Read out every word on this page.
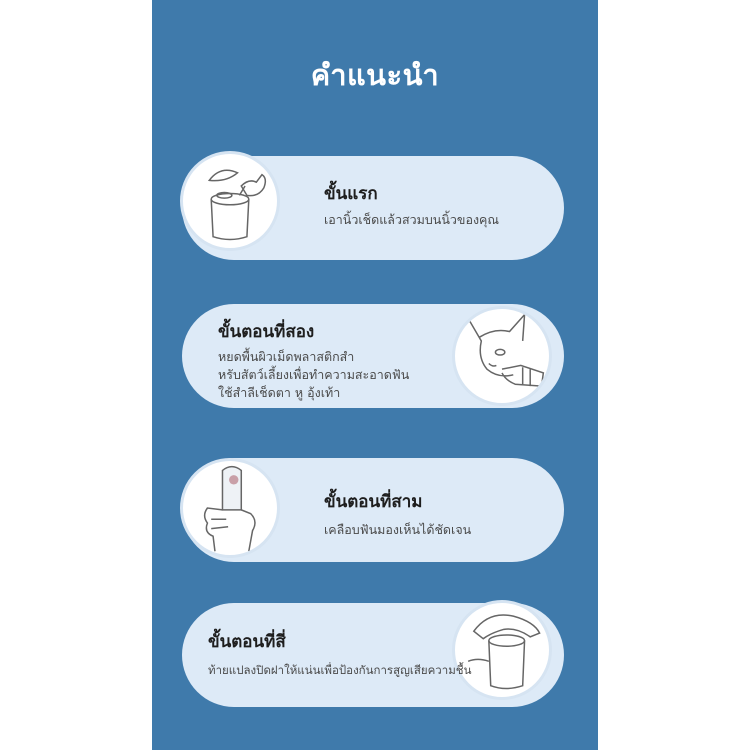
คำแนะนำ
ขั้นแรก
เอานิ้วเช็ดแล้วสวมบนนิ้วของคุณ
ขั้นตอนที่สอง
หยดพื้นผิวเม็ดพลาสติกสำ
หรับสัตว์เลี้ยงเพื่อทำความสะอาดฟัน
ใช้สำลีเช็ดตา หู อุ้งเท้า
ขั้นตอนที่สาม
เคลือบฟันมองเห็นได้ชัดเจน
ขั้นตอนที่สี่
ท้ายแปลงปิดฝาให้แน่นเพื่อป้องกันการสูญเสียความชื้น
